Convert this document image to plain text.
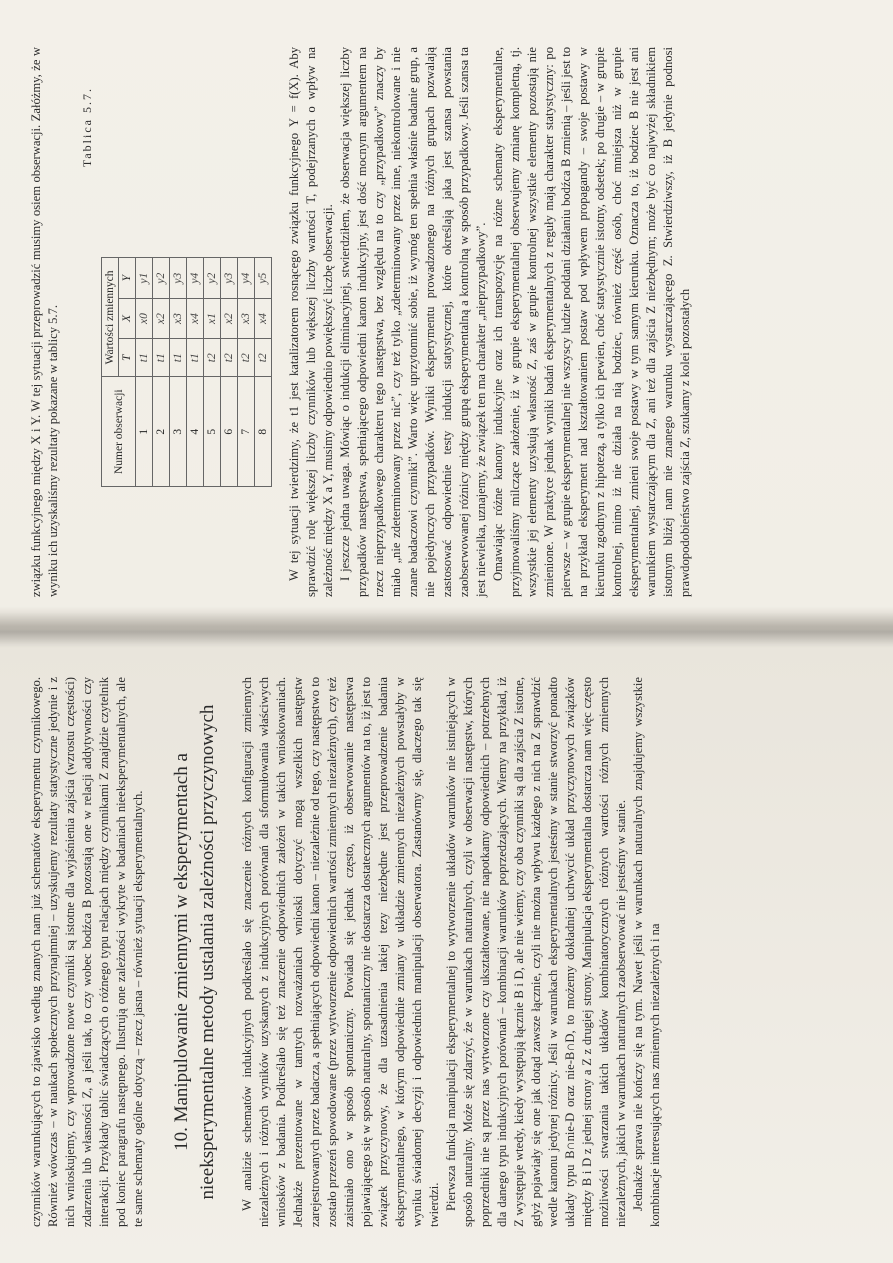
związku funkcyjnego między X i Y. W tej sytuacji przeprowadzić musimy osiem obserwacji. Załóżmy, że w wyniku ich uzyskaliśmy rezultaty pokazane w tablicy 5.7.

Tablica 5.7.
Numer obserwacji	Wartości zmiennych		
	T	X	Y
1	t1	x0	y1
2	t1	x2	y2
3	t1	x3	y3
4	t1	x4	y4
5	t2	x1	y2
6	t2	x2	y3
7	t2	x3	y4
8	t2	x4	y5 W tej sytuacji twierdzimy, że t1 jest katalizatorem rosnącego związku funkcyjnego Y = f(X). Aby sprawdzić rolę większej liczby czynników lub większej liczby wartości T, podejrzanych o wpływ na zależność między X a Y, musimy odpowiednio powiększyć liczbę obserwacji. I jeszcze jedna uwaga. Mówiąc o indukcji eliminacyjnej, stwierdziłem, że obserwacja większej liczby przypadków następstwa, spełniającego odpowiedni kanon indukcyjny, jest dość mocnym argumentem na rzecz nieprzypadkowego charakteru tego następstwa, bez względu na to czy „przypadkowy” znaczy by miało „nie zdeterminowany przez nic”, czy też tylko „zdeterminowany przez inne, niekontrolowane i nie znane badaczowi czynniki”. Warto więc uprzytomnić sobie, iż wymóg ten spełnia właśnie badanie grup, a nie pojedynczych przypadków. Wyniki eksperymentu prowadzonego na różnych grupach pozwalają zastosować odpowiednie testy indukcji statystycznej, które określają jaka jest szansa powstania zaobserwowanej różnicy między grupą eksperymentalną a kontrolną w sposób przypadkowy. Jeśli szansa ta jest niewielka, uznajemy, że związek ten ma charakter „nieprzypadkowy”. Omawiając różne kanony indukcyjne oraz ich transpozycję na różne schematy eksperymentalne, przyjmowaliśmy milczące założenie, iż w grupie eksperymentalnej obserwujemy zmianę kompletną, tj. wszystkie jej elementy uzyskują własność Z, zaś w grupie kontrolnej wszystkie elementy pozostają nie zmienione. W praktyce jednak wyniki badań eksperymentalnych z reguły mają charakter statystyczny: po pierwsze – w grupie eksperymentalnej nie wszyscy ludzie poddani działaniu bodźca B zmienią – jeśli jest to na przykład eksperyment nad kształtowaniem postaw pod wpływem propagandy – swoje postawy w kierunku zgodnym z hipotezą, a tylko ich pewien, choć statystycznie istotny, odsetek; po drugie – w grupie kontrolnej, mimo iż nie działa na nią bodziec, również część osób, choć mniejsza niż w grupie eksperymentalnej, zmieni swoje postawy w tym samym kierunku. Oznacza to, iż bodziec B nie jest ani warunkiem wystarczającym dla Z, ani też dla zajścia Z niezbędnym; może być co najwyżej składnikiem istotnym bliżej nam nie znanego warunku wystarczającego Z. Stwierdziwszy, iż B jedynie podnosi prawdopodobieństwo zajścia Z, szukamy z kolei pozostałych

czynników warunkujących to zjawisko według znanych nam już schematów eksperymentu czynnikowego. Również wówczas – w naukach społecznych przynajmniej – uzyskujemy rezultaty statystyczne jedynie i z nich wnioskujemy, czy wprowadzone nowe czynniki są istotne dla wyjaśnienia zajścia (wzrostu częstości) zdarzenia lub własności Z, a jeśli tak, to czy wobec bodźca B pozostają one w relacji addytywności czy interakcji. Przykłady tablic świadczących o różnego typu relacjach między czynnikami Z znajdzie czytelnik pod koniec paragrafu następnego. Ilustrują one zależności wykryte w badaniach nieeksperymentalnych, ale te same schematy ogólne dotyczą – rzecz jasna – również sytuacji eksperymentalnych. 10. Manipulowanie zmiennymi w eksperymentach a nieeksperymentalne metody ustalania zależności przyczynowych W analizie schematów indukcyjnych podkreślało się znaczenie różnych konfiguracji zmiennych niezależnych i różnych wyników uzyskanych z indukcyjnych porównań dla sformułowania właściwych wniosków z badania. Podkreślało się też znaczenie odpowiednich założeń w takich wnioskowaniach. Jednakże prezentowane w tamtych rozważaniach wnioski dotyczyć mogą wszelkich następstw zarejestrowanych przez badacza, a spełniających odpowiedni kanon – niezależnie od tego, czy następstwo to zostało przezeń spowodowane (przez wytworzenie odpowiednich wartości zmiennych niezależnych), czy też zaistniało ono w sposób spontaniczny. Powiada się jednak często, iż obserwowanie następstwa pojawiającego się w sposób naturalny, spontaniczny nie dostarcza dostatecznych argumentów na to, iż jest to związek przyczynowy, że dla uzasadnienia takiej tezy niezbędne jest przeprowadzenie badania eksperymentalnego, w którym odpowiednie zmiany w układzie zmiennych niezależnych powstałyby w wyniku świadomej decyzji i odpowiednich manipulacji obserwatora. Zastanówmy się, dlaczego tak się twierdzi. Pierwsza funkcja manipulacji eksperymentalnej to wytworzenie układów warunków nie istniejących w sposób naturalny. Może się zdarzyć, że w warunkach naturalnych, czyli w obserwacji następstw, których poprzedniki nie są przez nas wytworzone czy ukształtowane, nie napotkamy odpowiednich – potrzebnych dla danego typu indukcyjnych porównań – kombinacji warunków poprzedzających. Wiemy na przykład, iż Z występuje wtedy, kiedy występują łącznie B i D, ale nie wiemy, czy oba czynniki są dla zajścia Z istotne, gdyż pojawiały się one jak dotąd zawsze łącznie, czyli nie można wpływu każdego z nich na Z sprawdzić wedle kanonu jedynej różnicy. Jeśli w warunkach eksperymentalnych jesteśmy w stanie stworzyć ponadto układy typu B∩nie-D oraz nie-B∩D, to możemy dokładniej uchwycić układ przyczynowych związków między B i D z jednej strony a Z z drugiej strony. Manipulacja eksperymentalna dostarcza nam więc często możliwości stwarzania takich układów kombinatorycznych różnych wartości różnych zmiennych niezależnych, jakich w warunkach naturalnych zaobserwować nie jesteśmy w stanie. Jednakże sprawa nie kończy się na tym. Nawet jeśli w warunkach naturalnych znajdujemy wszystkie kombinacje interesujących nas zmiennych niezależnych i na
